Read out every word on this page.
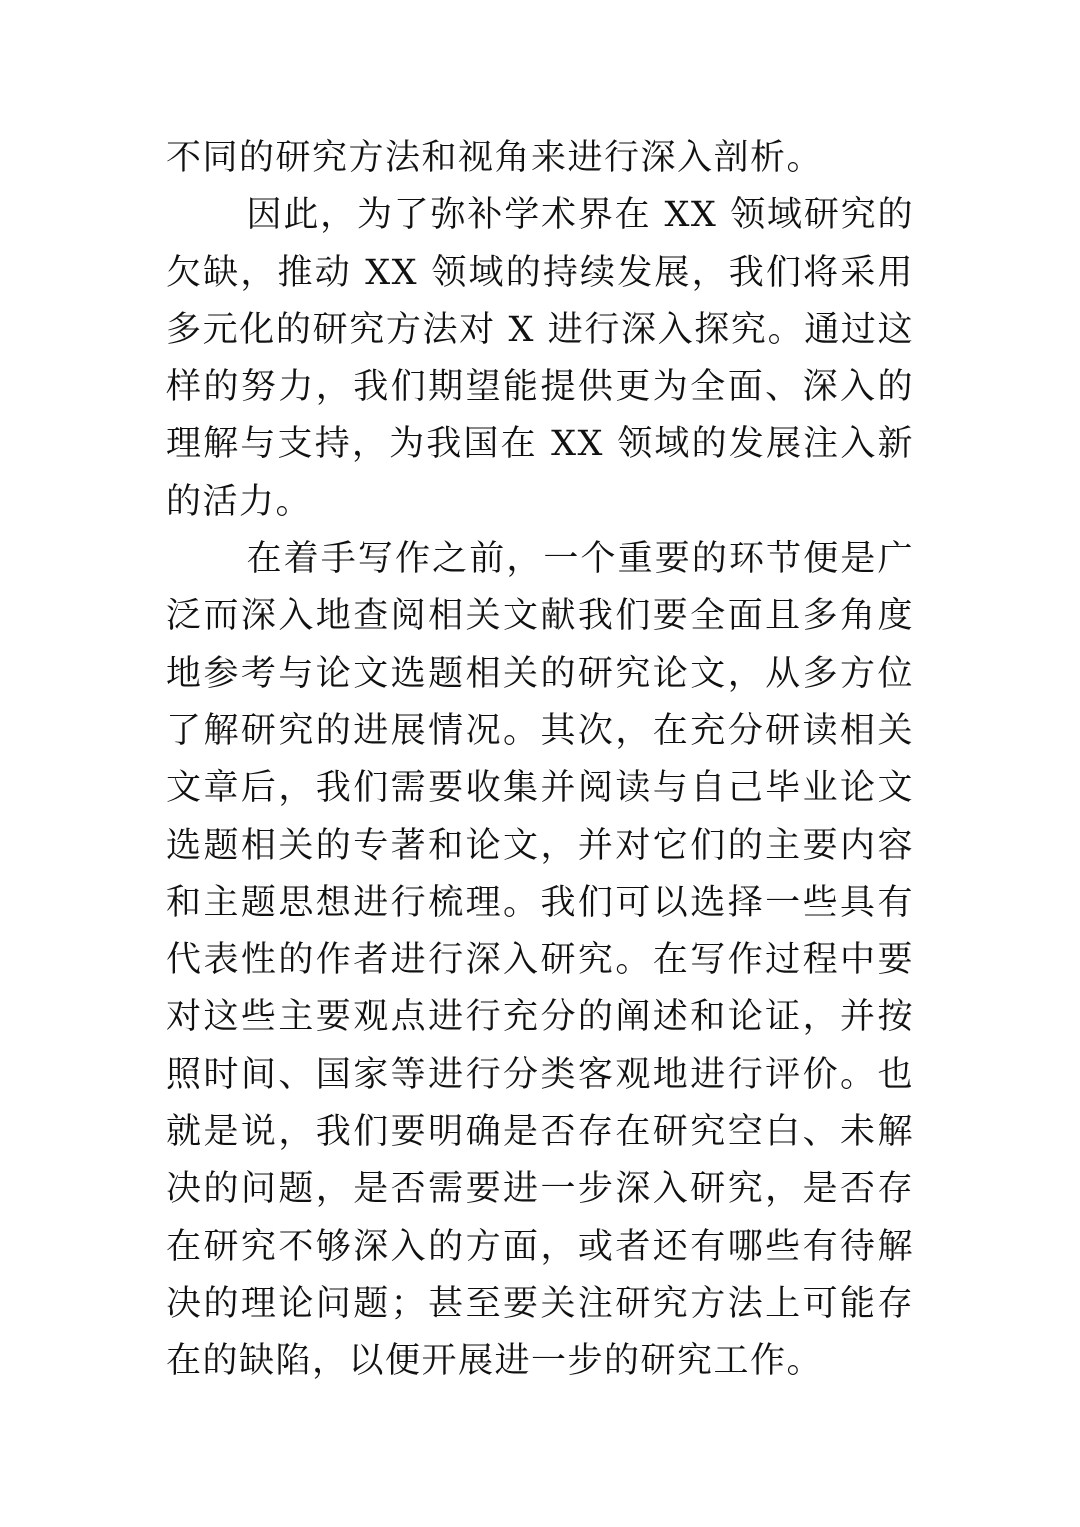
不同的研究方法和视角来进行深入剖析。

因此，为了弥补学术界在 XX 领域研究的欠缺，推动 XX 领域的持续发展，我们将采用多元化的研究方法对 X 进行深入探究。通过这样的努力，我们期望能提供更为全面、深入的理解与支持，为我国在 XX 领域的发展注入新的活力。

在着手写作之前，一个重要的环节便是广泛而深入地查阅相关文献我们要全面且多角度地参考与论文选题相关的研究论文，从多方位了解研究的进展情况。其次，在充分研读相关文章后，我们需要收集并阅读与自己毕业论文选题相关的专著和论文，并对它们的主要内容和主题思想进行梳理。我们可以选择一些具有代表性的作者进行深入研究。在写作过程中要对这些主要观点进行充分的阐述和论证，并按照时间、国家等进行分类客观地进行评价。也就是说，我们要明确是否存在研究空白、未解决的问题，是否需要进一步深入研究，是否存在研究不够深入的方面，或者还有哪些有待解决的理论问题；甚至要关注研究方法上可能存在的缺陷，以便开展进一步的研究工作。
